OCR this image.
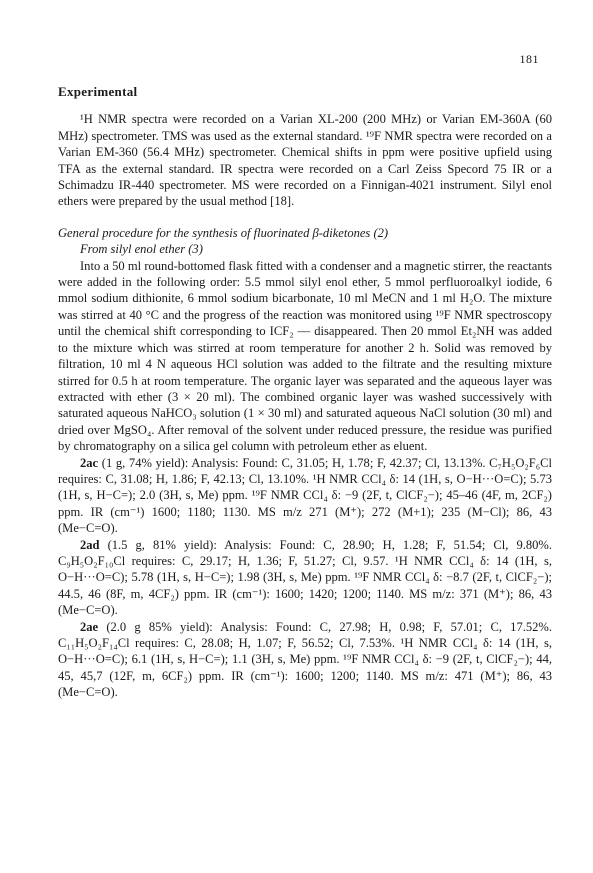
181
Experimental

¹H NMR spectra were recorded on a Varian XL-200 (200 MHz) or Varian EM-360A (60 MHz) spectrometer. TMS was used as the external standard. ¹⁹F NMR spectra were recorded on a Varian EM-360 (56.4 MHz) spectrometer. Chemical shifts in ppm were positive upfield using TFA as the external standard. IR spectra were recorded on a Carl Zeiss Specord 75 IR or a Schimadzu IR-440 spectrometer. MS were recorded on a Finnigan-4021 instrument. Silyl enol ethers were prepared by the usual method [18].

General procedure for the synthesis of fluorinated β-diketones (2)

From silyl enol ether (3)

Into a 50 ml round-bottomed flask fitted with a condenser and a magnetic stirrer, the reactants were added in the following order: 5.5 mmol silyl enol ether, 5 mmol perfluoroalkyl iodide, 6 mmol sodium dithionite, 6 mmol sodium bicarbonate, 10 ml MeCN and 1 ml H₂O. The mixture was stirred at 40 °C and the progress of the reaction was monitored using ¹⁹F NMR spectroscopy until the chemical shift corresponding to ICF₂ — disappeared. Then 20 mmol Et₂NH was added to the mixture which was stirred at room temperature for another 2 h. Solid was removed by filtration, 10 ml 4 N aqueous HCl solution was added to the filtrate and the resulting mixture stirred for 0.5 h at room temperature. The organic layer was separated and the aqueous layer was extracted with ether (3 × 20 ml). The combined organic layer was washed successively with saturated aqueous NaHCO₃ solution (1 × 30 ml) and saturated aqueous NaCl solution (30 ml) and dried over MgSO₄. After removal of the solvent under reduced pressure, the residue was purified by chromatography on a silica gel column with petroleum ether as eluent.

2ac (1 g, 74% yield): Analysis: Found: C, 31.05; H, 1.78; F, 42.37; Cl, 13.13%. C₇H₅O₂F₆Cl requires: C, 31.08; H, 1.86; F, 42.13; Cl, 13.10%. ¹H NMR CCl₄ δ: 14 (1H, s, O−H···O=C); 5.73 (1H, s, H−C=); 2.0 (3H, s, Me) ppm. ¹⁹F NMR CCl₄ δ: −9 (2F, t, ClCF₂−); 45–46 (4F, m, 2CF₂) ppm. IR (cm⁻¹) 1600; 1180; 1130. MS m/z 271 (M⁺); 272 (M+1); 235 (M−Cl); 86, 43 (Me−C=O).

2ad (1.5 g, 81% yield): Analysis: Found: C, 28.90; H, 1.28; F, 51.54; Cl, 9.80%. C₉H₅O₂F₁₀Cl requires: C, 29.17; H, 1.36; F, 51.27; Cl, 9.57. ¹H NMR CCl₄ δ: 14 (1H, s, O−H···O=C); 5.78 (1H, s, H−C=); 1.98 (3H, s, Me) ppm. ¹⁹F NMR CCl₄ δ: −8.7 (2F, t, ClCF₂−); 44.5, 46 (8F, m, 4CF₂) ppm. IR (cm⁻¹): 1600; 1420; 1200; 1140. MS m/z: 371 (M⁺); 86, 43 (Me−C=O).

2ae (2.0 g 85% yield): Analysis: Found: C, 27.98; H, 0.98; F, 57.01; C, 17.52%. C₁₁H₅O₂F₁₄Cl requires: C, 28.08; H, 1.07; F, 56.52; Cl, 7.53%. ¹H NMR CCl₄ δ: 14 (1H, s, O−H···O=C); 6.1 (1H, s, H−C=); 1.1 (3H, s, Me) ppm. ¹⁹F NMR CCl₄ δ: −9 (2F, t, ClCF₂−); 44, 45, 45,7 (12F, m, 6CF₂) ppm. IR (cm⁻¹): 1600; 1200; 1140. MS m/z: 471 (M⁺); 86, 43 (Me−C=O).
